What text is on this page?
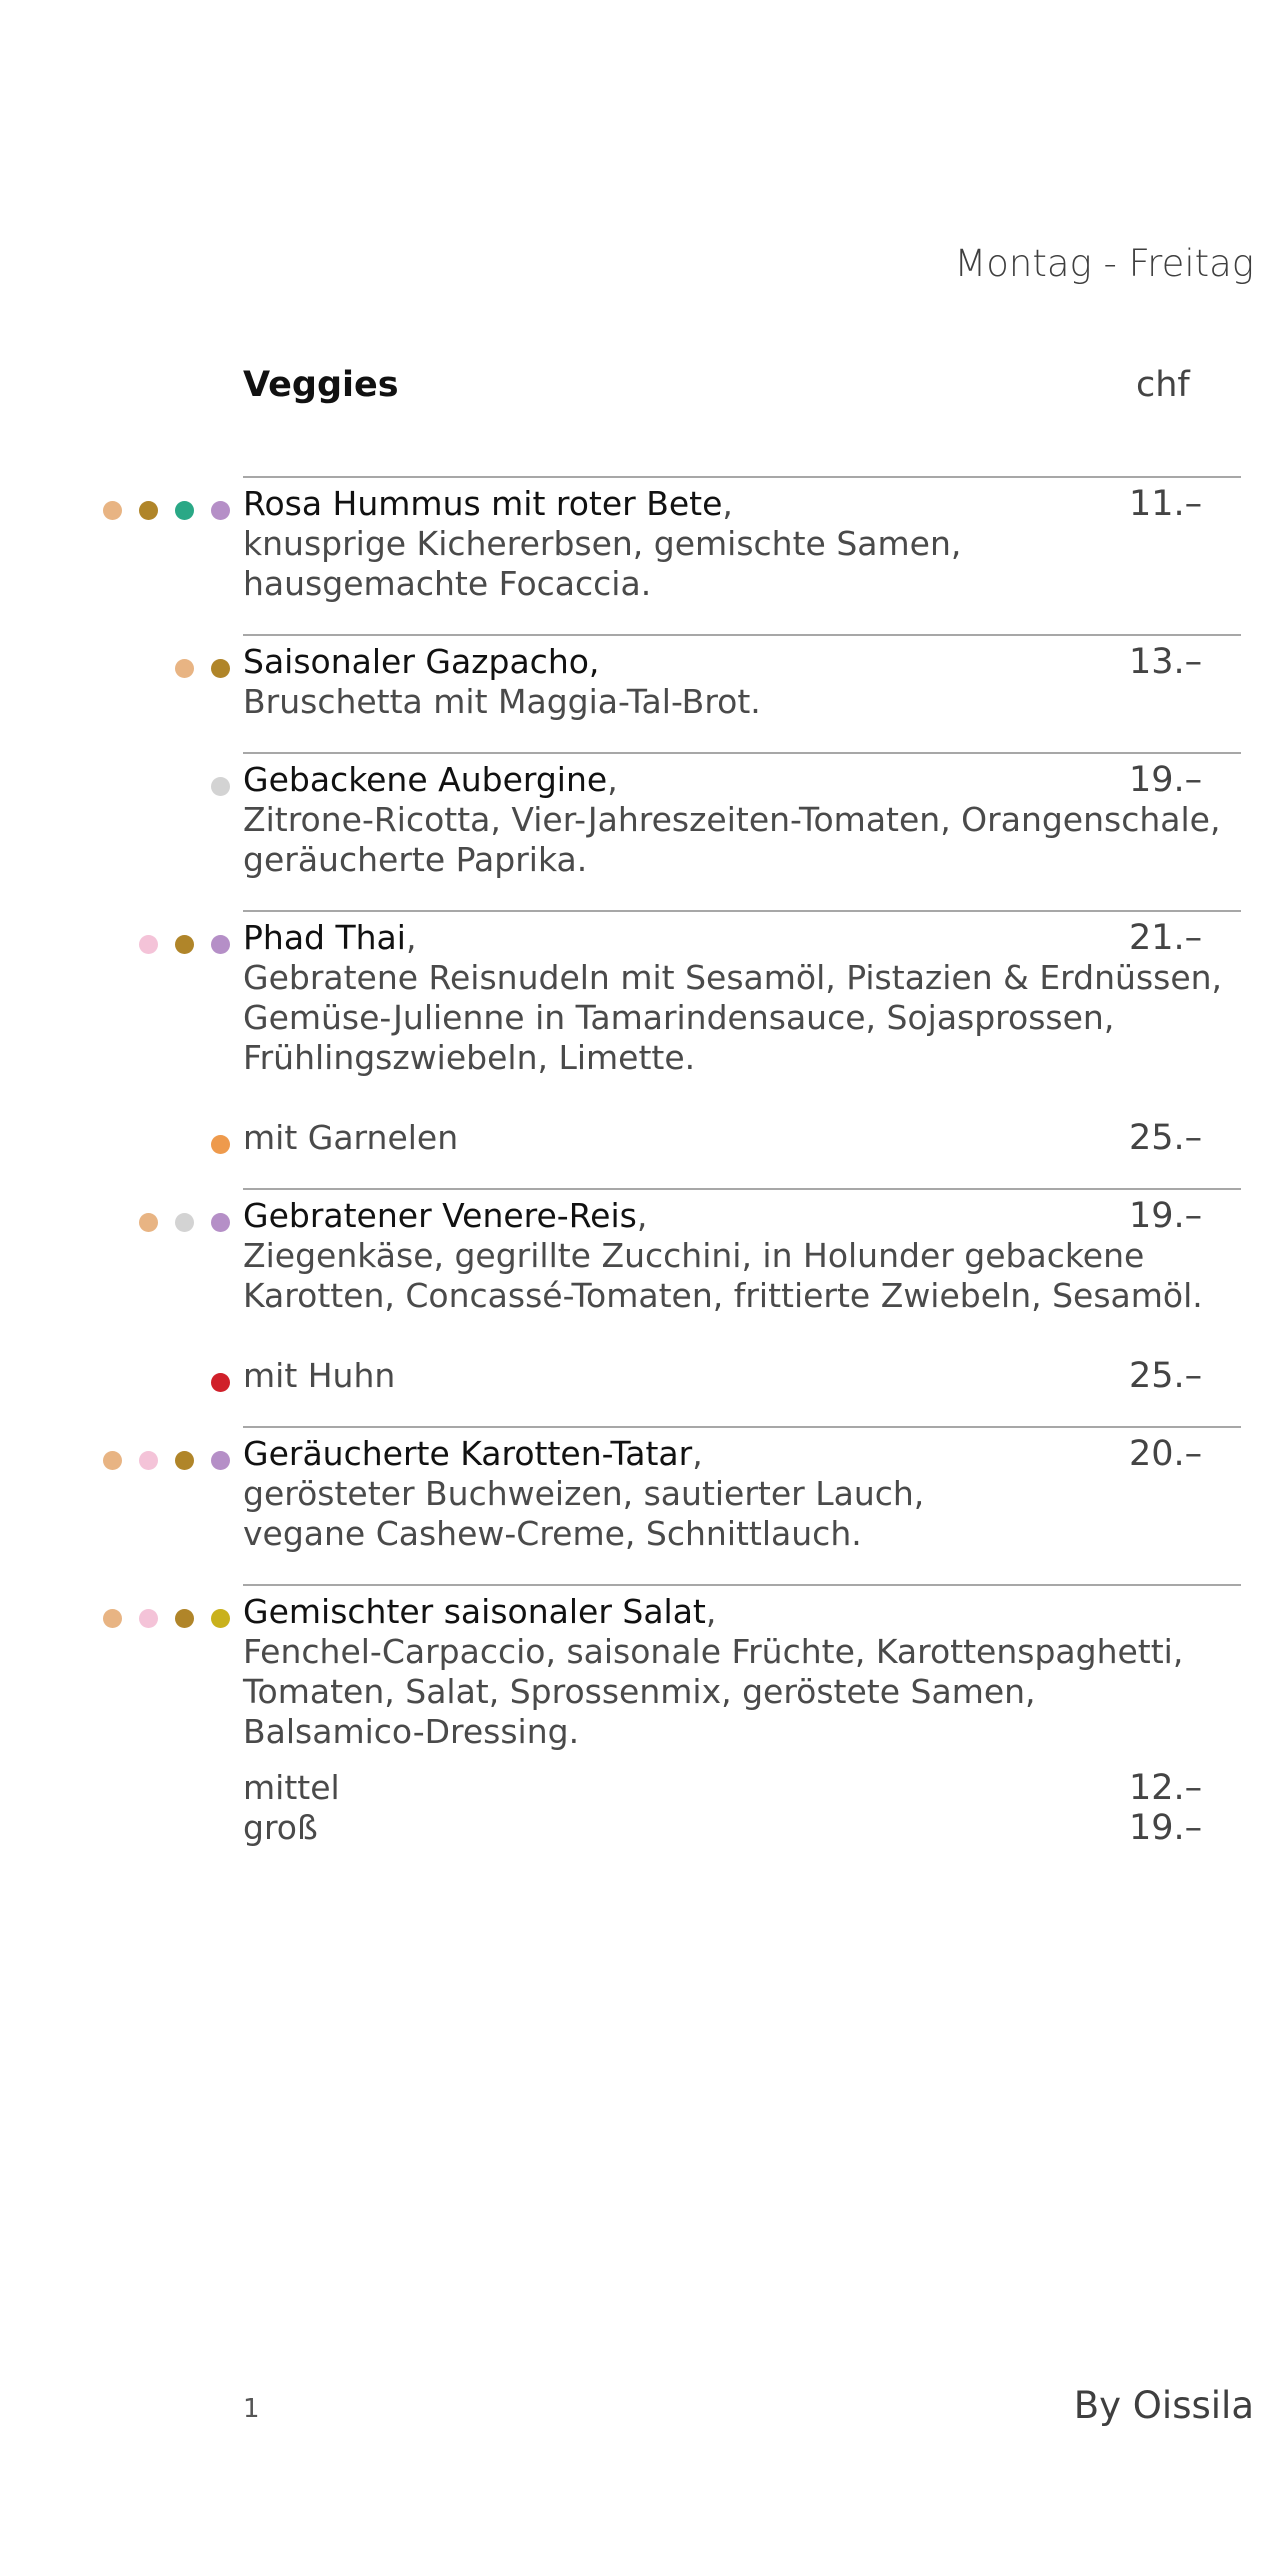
Montag - Freitag
Veggies	chf
Rosa Hummus mit roter Bete,
knusprige Kichererbsen, gemischte Samen,
hausgemachte Focaccia.
11.–
Saisonaler Gazpacho,
Bruschetta mit Maggia-Tal-Brot.
13.–
Gebackene Aubergine,
Zitrone-Ricotta, Vier-Jahreszeiten-Tomaten, Orangenschale,
geräucherte Paprika.
19.–
Phad Thai,
Gebratene Reisnudeln mit Sesamöl, Pistazien & Erdnüssen,
Gemüse-Julienne in Tamarindensauce, Sojasprossen,
Frühlingszwiebeln, Limette.
21.–
mit Garnelen	25.–
Gebratener Venere-Reis,
Ziegenkäse, gegrillte Zucchini, in Holunder gebackene
Karotten, Concassé-Tomaten, frittierte Zwiebeln, Sesamöl.
19.–
mit Huhn	25.–
Geräucherte Karotten-Tatar,
gerösteter Buchweizen, sautierter Lauch,
vegane Cashew-Creme, Schnittlauch.
20.–
Gemischter saisonaler Salat,
Fenchel-Carpaccio, saisonale Früchte, Karottenspaghetti,
Tomaten, Salat, Sprossenmix, geröstete Samen,
Balsamico-Dressing.
mittel	12.–
groß	19.–
1	By Oissila
